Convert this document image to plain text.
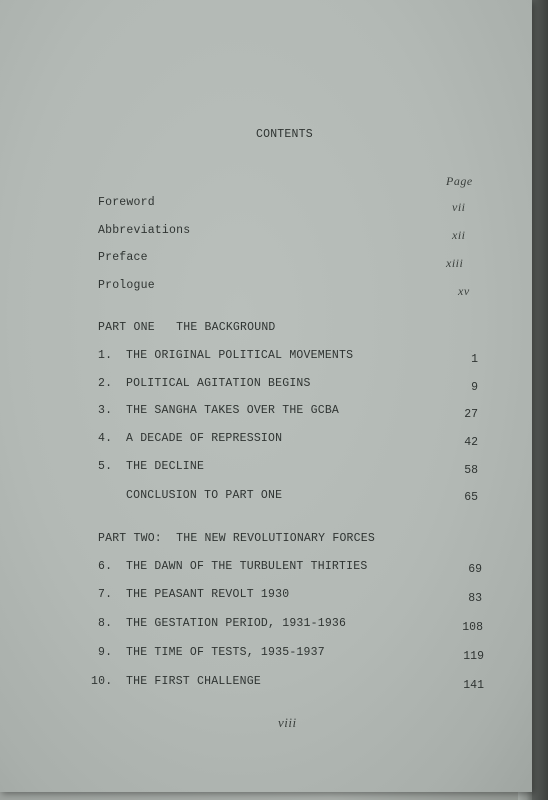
CONTENTS
Page
Foreword	vii
Abbreviations	xii
Preface	xiii
Prologue	xv
PART ONE   THE BACKGROUND
1. THE ORIGINAL POLITICAL MOVEMENTS	1
2. POLITICAL AGITATION BEGINS	9
3. THE SANGHA TAKES OVER THE GCBA	27
4. A DECADE OF REPRESSION	42
5. THE DECLINE	58
CONCLUSION TO PART ONE	65
PART TWO:  THE NEW REVOLUTIONARY FORCES
6. THE DAWN OF THE TURBULENT THIRTIES	69
7. THE PEASANT REVOLT 1930	83
8. THE GESTATION PERIOD, 1931-1936	108
9. THE TIME OF TESTS, 1935-1937	119
10. THE FIRST CHALLENGE	141
viii
